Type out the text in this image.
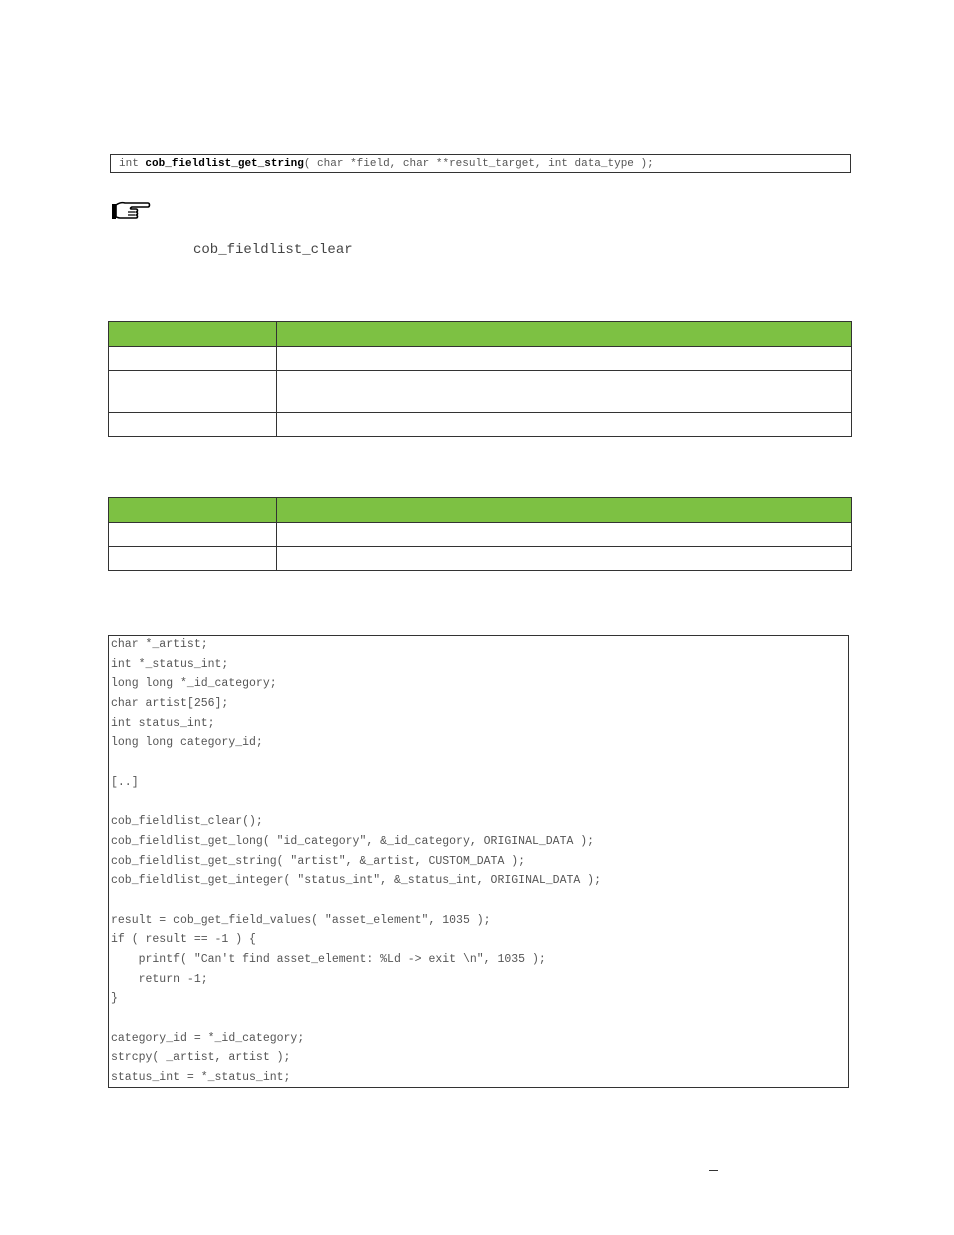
int cob_fieldlist_get_string( char *field, char **result_target, int data_type );
cob_fieldlist_clear

char *_artist;
int *_status_int;
long long *_id_category;
char artist[256];
int status_int;
long long category_id;
[..]
cob_fieldlist_clear();
cob_fieldlist_get_long( "id_category", &_id_category, ORIGINAL_DATA );
cob_fieldlist_get_string( "artist", &_artist, CUSTOM_DATA );
cob_fieldlist_get_integer( "status_int", &_status_int, ORIGINAL_DATA );
result = cob_get_field_values( "asset_element", 1035 );
if ( result == -1 ) {
printf( "Can't find asset_element: %Ld -> exit \n", 1035 );
return -1;
}
category_id = *_id_category;
strcpy( _artist, artist );
status_int = *_status_int;
